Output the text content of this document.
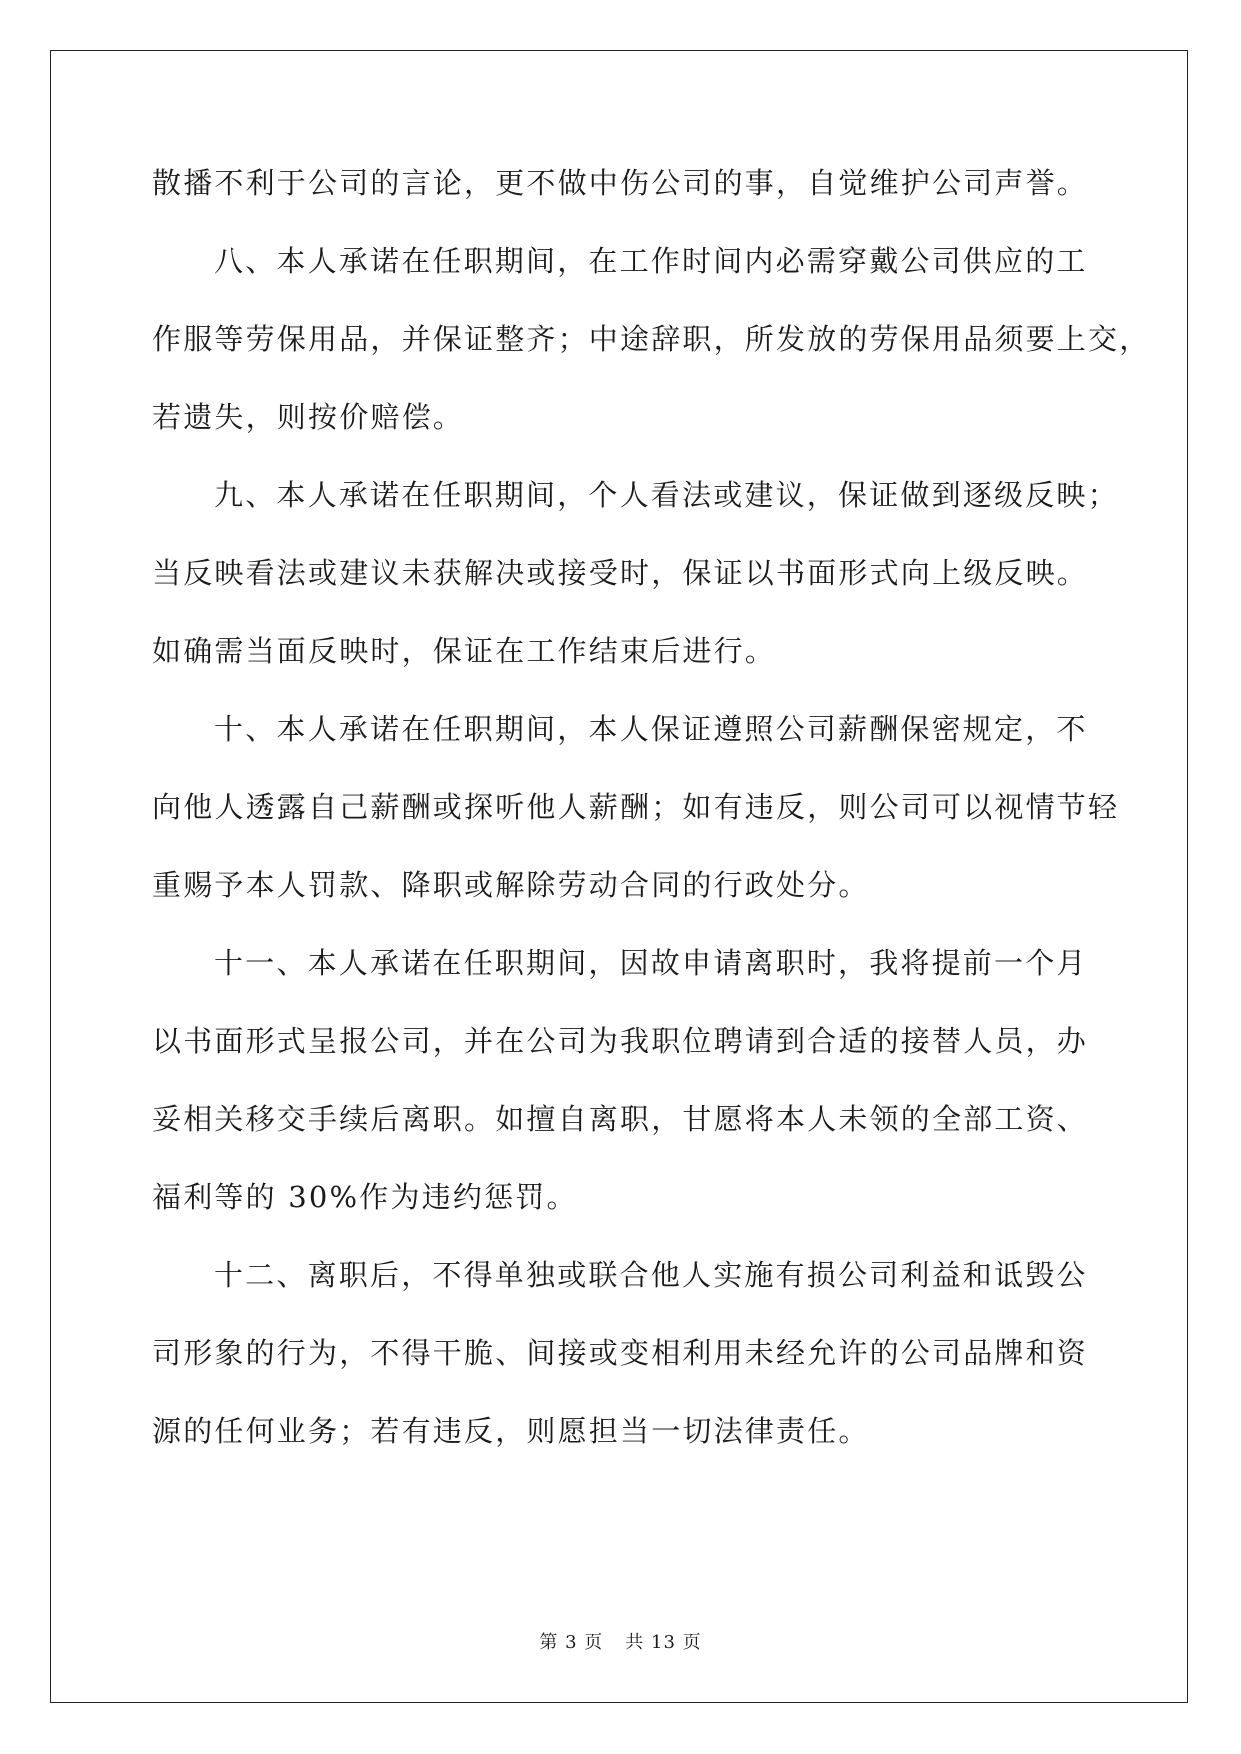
散播不利于公司的言论，更不做中伤公司的事，自觉维护公司声誉。
八、本人承诺在任职期间，在工作时间内必需穿戴公司供应的工
作服等劳保用品，并保证整齐；中途辞职，所发放的劳保用品须要上交，
若遗失，则按价赔偿。
九、本人承诺在任职期间，个人看法或建议，保证做到逐级反映；
当反映看法或建议未获解决或接受时，保证以书面形式向上级反映。
如确需当面反映时，保证在工作结束后进行。
十、本人承诺在任职期间，本人保证遵照公司薪酬保密规定，不
向他人透露自己薪酬或探听他人薪酬；如有违反，则公司可以视情节轻
重赐予本人罚款、降职或解除劳动合同的行政处分。
十一、本人承诺在任职期间，因故申请离职时，我将提前一个月
以书面形式呈报公司，并在公司为我职位聘请到合适的接替人员，办
妥相关移交手续后离职。如擅自离职，甘愿将本人未领的全部工资、
福利等的 30%作为违约惩罚。
十二、离职后，不得单独或联合他人实施有损公司利益和诋毁公
司形象的行为，不得干脆、间接或变相利用未经允许的公司品牌和资
源的任何业务；若有违反，则愿担当一切法律责任。
第 3 页 共 13 页
